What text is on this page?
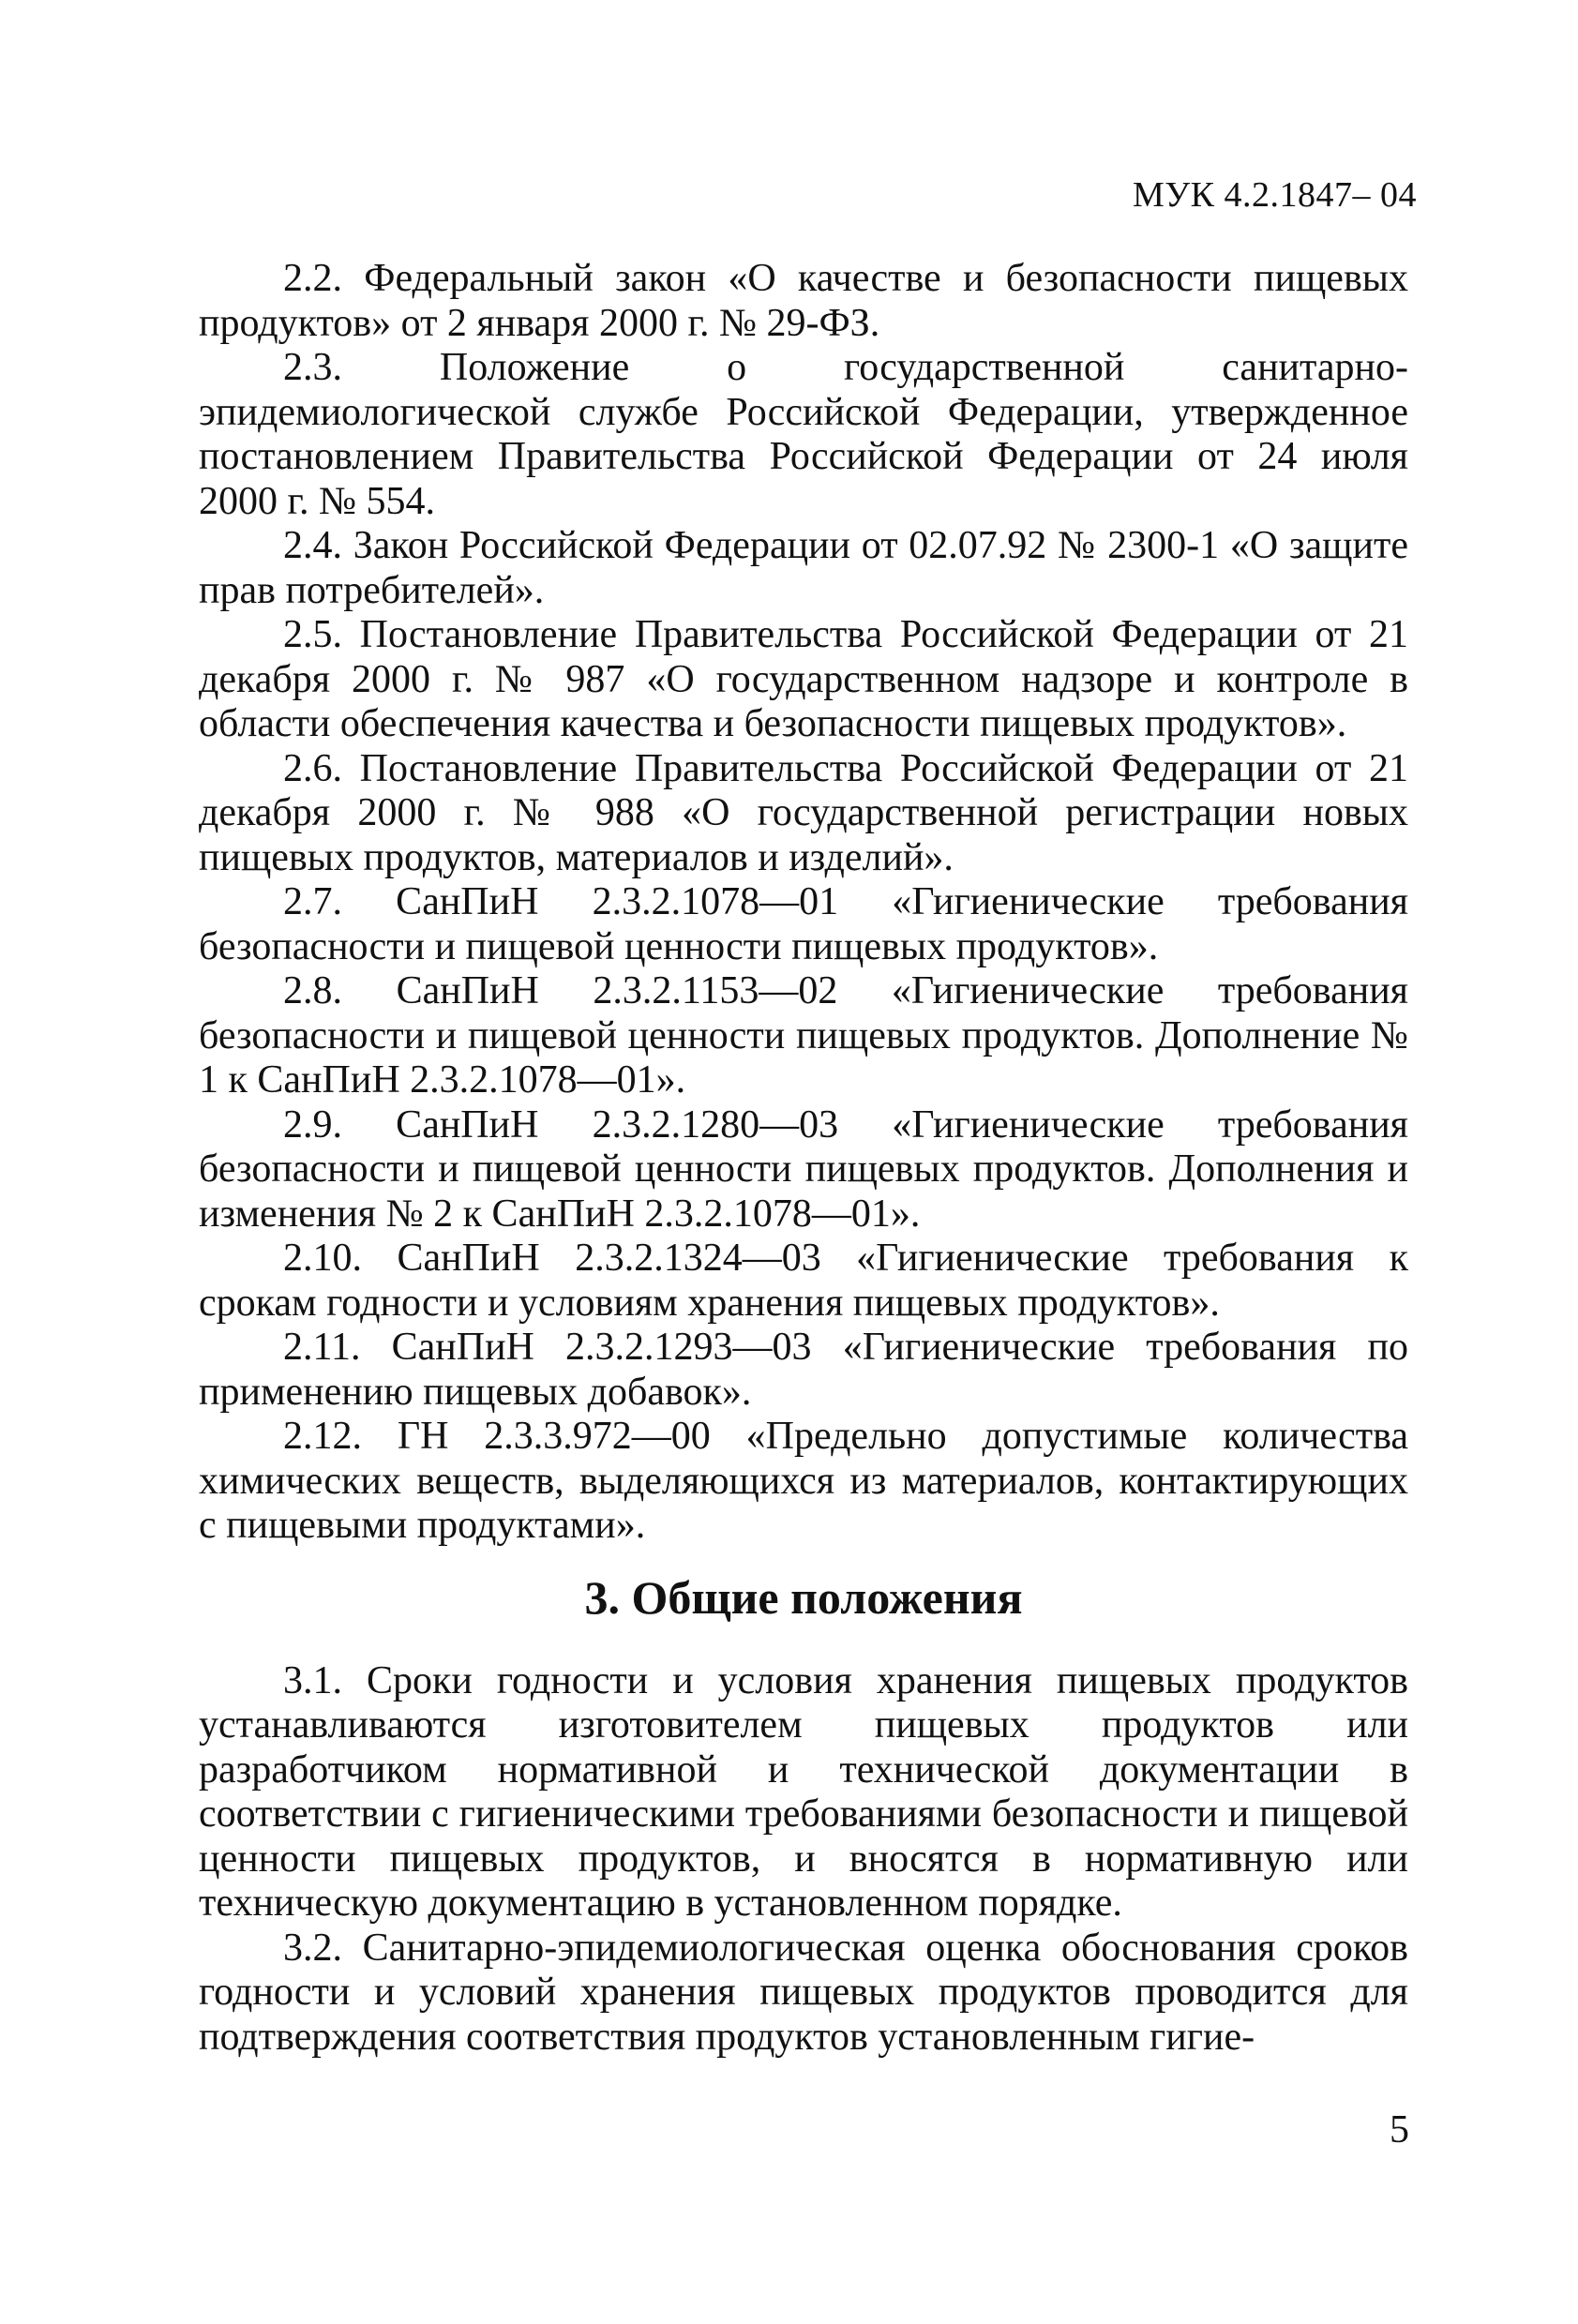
МУК 4.2.1847– 04

2.2. Федеральный закон «О качестве и безопасности пищевых продуктов» от 2 января 2000 г. № 29-ФЗ.

2.3. Положение о государственной санитарно-эпидемиологической службе Российской Федерации, утвержденное постановлением Правительства Российской Федерации от 24 июля 2000 г. № 554.

2.4. Закон Российской Федерации от 02.07.92 № 2300-1 «О защите прав потребителей».

2.5. Постановление Правительства Российской Федерации от 21 декабря 2000 г. № 987 «О государственном надзоре и контроле в области обеспечения качества и безопасности пищевых продуктов».

2.6. Постановление Правительства Российской Федерации от 21 декабря 2000 г. № 988 «О государственной регистрации новых пищевых продуктов, материалов и изделий».

2.7. СанПиН 2.3.2.1078—01 «Гигиенические требования безопасности и пищевой ценности пищевых продуктов».

2.8. СанПиН 2.3.2.1153—02 «Гигиенические требования безопасности и пищевой ценности пищевых продуктов. Дополнение № 1 к СанПиН 2.3.2.1078—01».

2.9. СанПиН 2.3.2.1280—03 «Гигиенические требования безопасности и пищевой ценности пищевых продуктов. Дополнения и изменения № 2 к СанПиН 2.3.2.1078—01».

2.10. СанПиН 2.3.2.1324—03 «Гигиенические требования к срокам годности и условиям хранения пищевых продуктов».

2.11. СанПиН 2.3.2.1293—03 «Гигиенические требования по применению пищевых добавок».

2.12. ГН 2.3.3.972—00 «Предельно допустимые количества химических веществ, выделяющихся из материалов, контактирующих с пищевыми продуктами».

3. Общие положения

3.1. Сроки годности и условия хранения пищевых продуктов устанавливаются изготовителем пищевых продуктов или разработчиком нормативной и технической документации в соответствии с гигиеническими требованиями безопасности и пищевой ценности пищевых продуктов, и вносятся в нормативную или техническую документацию в установленном порядке.

3.2. Санитарно-эпидемиологическая оценка обоснования сроков годности и условий хранения пищевых продуктов проводится для подтверждения соответствия продуктов установленным гигие-

5
